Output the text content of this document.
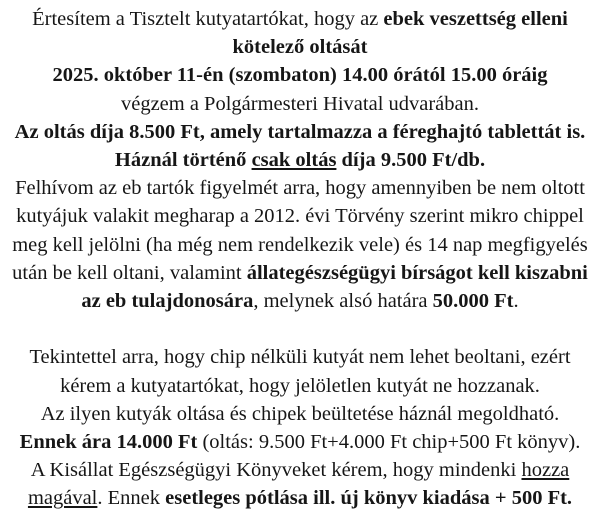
Értesítem a Tisztelt kutyatartókat, hogy az ebek veszettség elleni
kötelező oltását
2025. október 11-én (szombaton) 14.00 órától 15.00 óráig
végzem a Polgármesteri Hivatal udvarában.
Az oltás díja 8.500 Ft, amely tartalmazza a féreghajtó tablettát is.
Háznál történő csak oltás díja 9.500 Ft/db.
Felhívom az eb tartók figyelmét arra, hogy amennyiben be nem oltott
kutyájuk valakit megharap a 2012. évi Törvény szerint mikro chippel
meg kell jelölni (ha még nem rendelkezik vele) és 14 nap megfigyelés
után be kell oltani, valamint állategészségügyi bírságot kell kiszabni
az eb tulajdonosára, melynek alsó határa 50.000 Ft.

Tekintettel arra, hogy chip nélküli kutyát nem lehet beoltani, ezért
kérem a kutyatartókat, hogy jelöletlen kutyát ne hozzanak.
Az ilyen kutyák oltása és chipek beültetése háznál megoldható.
Ennek ára 14.000 Ft (oltás: 9.500 Ft+4.000 Ft chip+500 Ft könyv).
A Kisállat Egészségügyi Könyveket kérem, hogy mindenki hozza
magával. Ennek esetleges pótlása ill. új könyv kiadása + 500 Ft.
